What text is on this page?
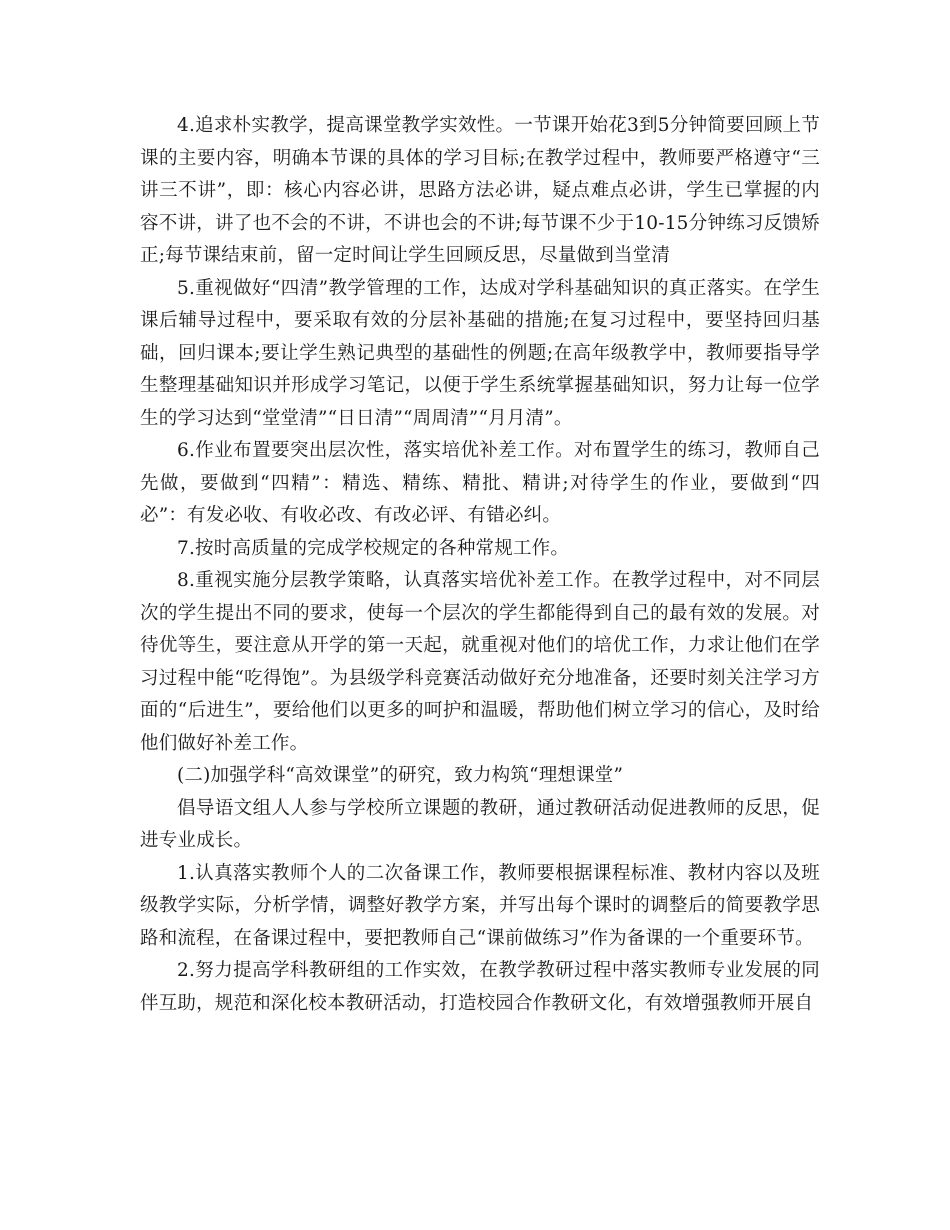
4.追求朴实教学，提高课堂教学实效性。一节课开始花3到5分钟简要回顾上节课的主要内容，明确本节课的具体的学习目标;在教学过程中，教师要严格遵守“三讲三不讲”，即：核心内容必讲，思路方法必讲，疑点难点必讲，学生已掌握的内容不讲，讲了也不会的不讲，不讲也会的不讲;每节课不少于10-15分钟练习反馈矫正;每节课结束前，留一定时间让学生回顾反思，尽量做到当堂清

5.重视做好“四清”教学管理的工作，达成对学科基础知识的真正落实。在学生课后辅导过程中，要采取有效的分层补基础的措施;在复习过程中，要坚持回归基础，回归课本;要让学生熟记典型的基础性的例题;在高年级教学中，教师要指导学生整理基础知识并形成学习笔记，以便于学生系统掌握基础知识，努力让每一位学生的学习达到“堂堂清”“日日清”“周周清”“月月清”。

6.作业布置要突出层次性，落实培优补差工作。对布置学生的练习，教师自己先做，要做到“四精”：精选、精练、精批、精讲;对待学生的作业，要做到“四必”：有发必收、有收必改、有改必评、有错必纠。

7.按时高质量的完成学校规定的各种常规工作。

8.重视实施分层教学策略，认真落实培优补差工作。在教学过程中，对不同层次的学生提出不同的要求，使每一个层次的学生都能得到自己的最有效的发展。对待优等生，要注意从开学的第一天起，就重视对他们的培优工作，力求让他们在学习过程中能“吃得饱”。为县级学科竞赛活动做好充分地准备，还要时刻关注学习方面的“后进生”，要给他们以更多的呵护和温暖，帮助他们树立学习的信心，及时给他们做好补差工作。

(二)加强学科“高效课堂”的研究，致力构筑“理想课堂”

倡导语文组人人参与学校所立课题的教研，通过教研活动促进教师的反思，促进专业成长。

1.认真落实教师个人的二次备课工作，教师要根据课程标准、教材内容以及班级教学实际，分析学情，调整好教学方案，并写出每个课时的调整后的简要教学思路和流程，在备课过程中，要把教师自己“课前做练习”作为备课的一个重要环节。

2.努力提高学科教研组的工作实效，在教学教研过程中落实教师专业发展的同伴互助，规范和深化校本教研活动，打造校园合作教研文化，有效增强教师开展自
